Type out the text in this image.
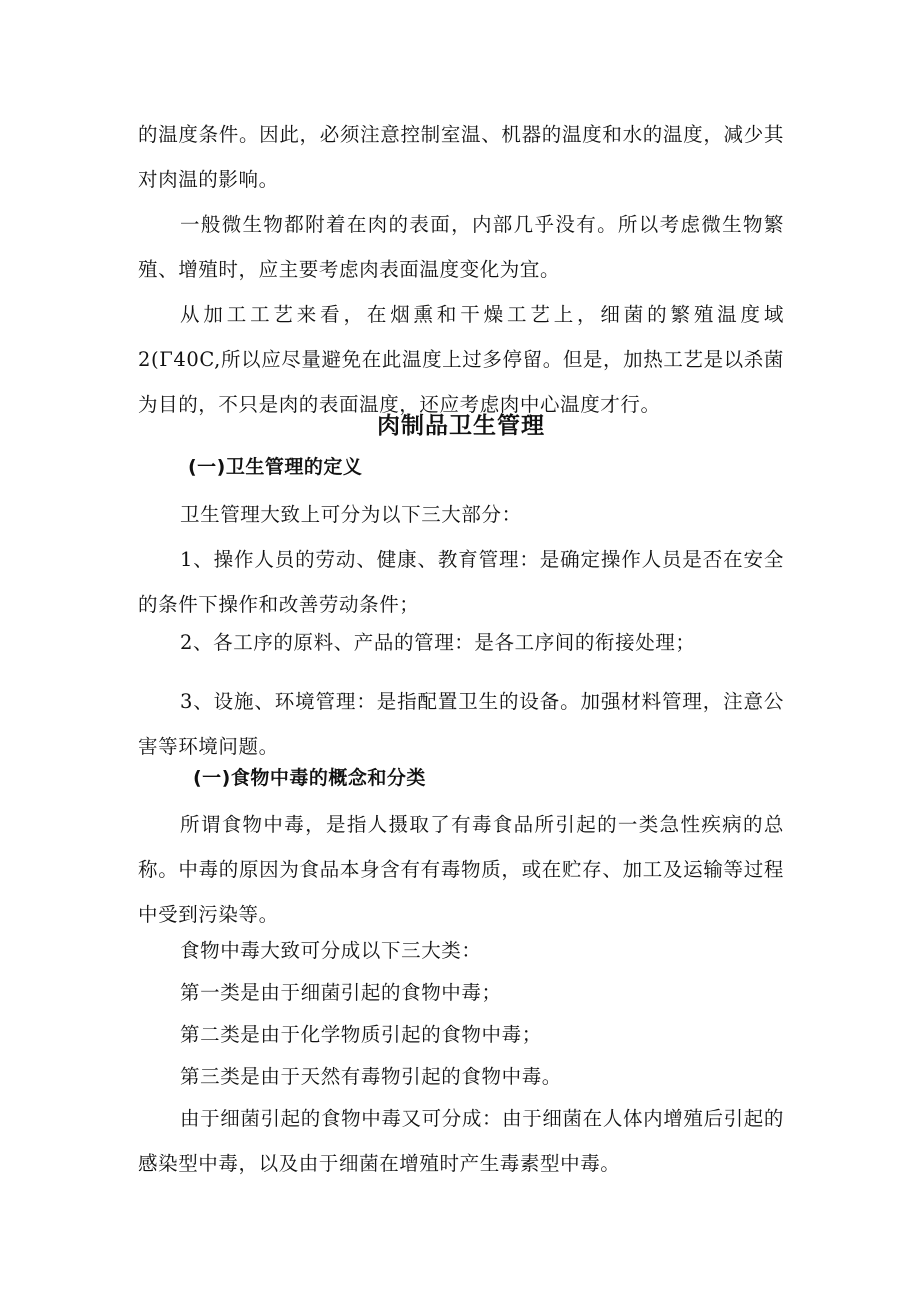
的温度条件。因此，必须注意控制室温、机器的温度和水的温度，减少其对肉温的影响。

一般微生物都附着在肉的表面，内部几乎没有。所以考虑微生物繁殖、增殖时，应主要考虑肉表面温度变化为宜。

从加工工艺来看，在烟熏和干燥工艺上，细菌的繁殖温度域 2(Γ40C,所以应尽量避免在此温度上过多停留。但是，加热工艺是以杀菌为目的，不只是肉的表面温度，还应考虑肉中心温度才行。

肉制品卫生管理
(一)卫生管理的定义

卫生管理大致上可分为以下三大部分：

1、操作人员的劳动、健康、教育管理：是确定操作人员是否在安全的条件下操作和改善劳动条件；

2、各工序的原料、产品的管理：是各工序间的衔接处理；

3、设施、环境管理：是指配置卫生的设备。加强材料管理，注意公害等环境问题。

(一)食物中毒的概念和分类

所谓食物中毒，是指人摄取了有毒食品所引起的一类急性疾病的总称。中毒的原因为食品本身含有有毒物质，或在贮存、加工及运输等过程中受到污染等。

食物中毒大致可分成以下三大类：

第一类是由于细菌引起的食物中毒；

第二类是由于化学物质引起的食物中毒；

第三类是由于天然有毒物引起的食物中毒。

由于细菌引起的食物中毒又可分成：由于细菌在人体内增殖后引起的感染型中毒，以及由于细菌在增殖时产生毒素型中毒。
